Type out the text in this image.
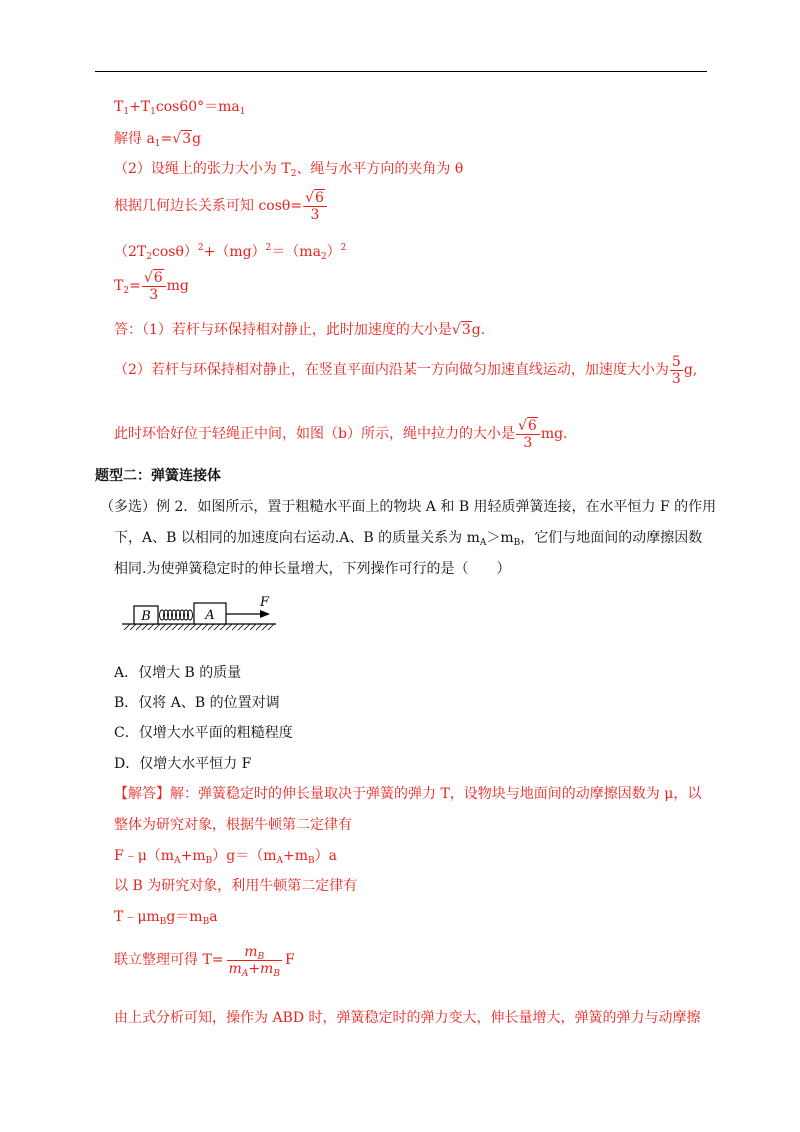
$T_1+T_1\cos 60^\circ=ma_1$
解得 $a_1=√3g$
（2）设绳上的张力大小为 $T_2$、绳与水平方向的夹角为 θ
根据几何边长关系可知 $\cos\theta= \frac{√6}{3}$
$(2T_2\cos\theta)^2+(mg)^2=(ma_2)^2$
$T_2= \frac{√6}{3}$ mg
答：（1）若杆与环保持相对静止，此时加速度的大小是√3g.
（2）若杆与环保持相对静止，在竖直平面内沿某一方向做匀加速直线运动，加速度大小为 $\frac{5}{3} g$,
此时环恰好位于轻绳正中间，如图（b）所示，绳中拉力的大小是 $\frac{√6}{3}$ mg.
题型二：弹簧连接体
（多选）例 2．如图所示，置于粗糙水平面上的物块 A 和 B 用轻质弹簧连接，在水平恒力 F 的作用
下，A、B 以相同的加速度向右运动.A、B 的质量关系为 $m_A>m_B$，它们与地面间的动摩擦因数
相同.为使弹簧稳定时的伸长量增大，下列操作可行的是（　　）
B	A
F
A．仅增大 B 的质量
B．仅将 A、B 的位置对调
C．仅增大水平面的粗糙程度
D．仅增大水平恒力 F
【解答】解：弹簧稳定时的伸长量取决于弹簧的弹力 T，设物块与地面间的动摩擦因数为 μ，以
整体为研究对象，根据牛顿第二定律有
$F﹣\mu(m_A+m_B)g=(m_A+m_B)a$
以 B 为研究对象，利用牛顿第二定律有
$T﹣\mu m_Bg=m_Ba$
联立整理可得 $T= \frac{m_B}{m_A+m_B}$ F
由上式分析可知，操作为 ABD 时，弹簧稳定时的弹力变大，伸长量增大，弹簧的弹力与动摩擦
